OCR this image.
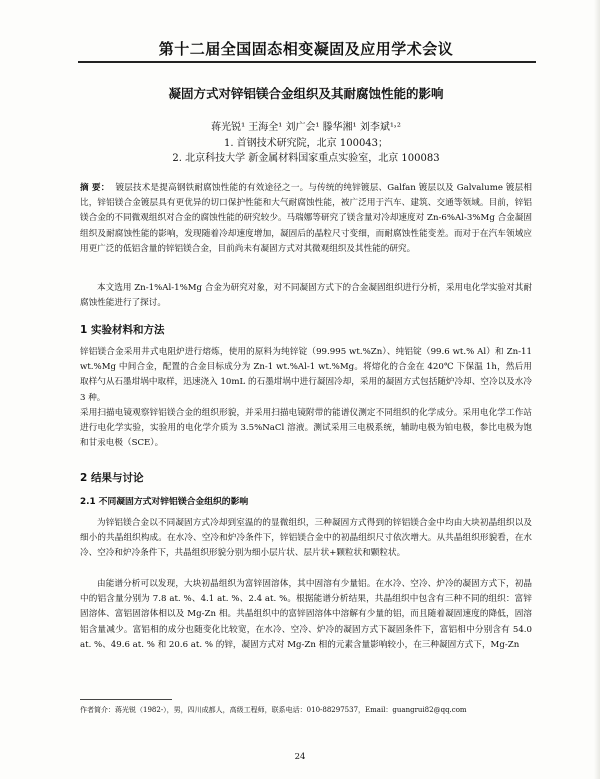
第十二届全国固态相变凝固及应用学术会议
凝固方式对锌铝镁合金组织及其耐腐蚀性能的影响
蒋光锐¹ 王海全¹ 刘广会¹ 滕华湘¹ 刘李斌¹˒²
1. 首钢技术研究院，北京 100043；
2. 北京科技大学 新金属材料国家重点实验室，北京 100083
摘 要： 镀层技术是提高钢铁耐腐蚀性能的有效途径之一。与传统的纯锌镀层、Galfan 镀层以及 Galvalume 镀层相比，锌铝镁合金镀层具有更优异的切口保护性能和大气耐腐蚀性能，被广泛用于汽车、建筑、交通等领域。目前，锌铝镁合金的不同微观组织对合金的腐蚀性能的研究较少。马瑞娜等研究了镁含量对冷却速度对 Zn-6%Al-3%Mg 合金凝固组织及耐腐蚀性能的影响，发现随着冷却速度增加，凝固后的晶粒尺寸变细，而耐腐蚀性能变差。而对于在汽车领域应用更广泛的低铝含量的锌铝镁合金，目前尚未有凝固方式对其微观组织及其性能的研究。
本文选用 Zn-1%Al-1%Mg 合金为研究对象，对不同凝固方式下的合金凝固组织进行分析，采用电化学实验对其耐腐蚀性能进行了探讨。
1 实验材料和方法
锌铝镁合金采用井式电阻炉进行熔炼，使用的原料为纯锌锭（99.995 wt.%Zn）、纯铝锭（99.6 wt.% Al）和 Zn-11 wt.%Mg 中间合金，配置的合金目标成分为 Zn-1 wt.%Al-1 wt.%Mg。将熔化的合金在 420℃ 下保温 1h，然后用取样勺从石墨坩埚中取样，迅速浇入 10mL 的石墨坩埚中进行凝固冷却，采用的凝固方式包括随炉冷却、空冷以及水冷 3 种。
采用扫描电镜观察锌铝镁合金的组织形貌，并采用扫描电镜附带的能谱仪测定不同组织的化学成分。采用电化学工作站进行电化学实验，实验用的电化学介质为 3.5%NaCl 溶液。测试采用三电极系统，辅助电极为铂电极，参比电极为饱和甘汞电极（SCE）。
2 结果与讨论
2.1 不同凝固方式对锌铝镁合金组织的影响
为锌铝镁合金以不同凝固方式冷却到室温的的显微组织，三种凝固方式得到的锌铝镁合金中均由大块初晶组织以及细小的共晶组织构成。在水冷、空冷和炉冷条件下，锌铝镁合金中的初晶组织尺寸依次增大。从共晶组织形貌看，在水冷、空冷和炉冷条件下，共晶组织形貌分别为细小层片状、层片状+颗粒状和颗粒状。
由能谱分析可以发现，大块初晶组织为富锌固溶体，其中固溶有少量铝。在水冷、空冷、炉冷的凝固方式下，初晶中的铝含量分别为 7.8 at. %、4.1 at. %、2.4 at. %。根据能谱分析结果，共晶组织中包含有三种不同的组织：富锌固溶体、富铝固溶体相以及 Mg-Zn 相。共晶组织中的富锌固溶体中溶解有少量的铝，而且随着凝固速度的降低，固溶铝含量减少。富铝相的成分也随变化比较宽，在水冷、空冷、炉冷的凝固方式下凝固条件下，富铝相中分别含有 54.0 at. %、49.6 at. % 和 20.6 at. % 的锌，凝固方式对 Mg-Zn 相的元素含量影响较小，在三种凝固方式下，Mg-Zn
作者简介：蒋光锐（1982-），男，四川成都人，高级工程师，联系电话：010-88297537，Email：guangrui82@qq.com
24
